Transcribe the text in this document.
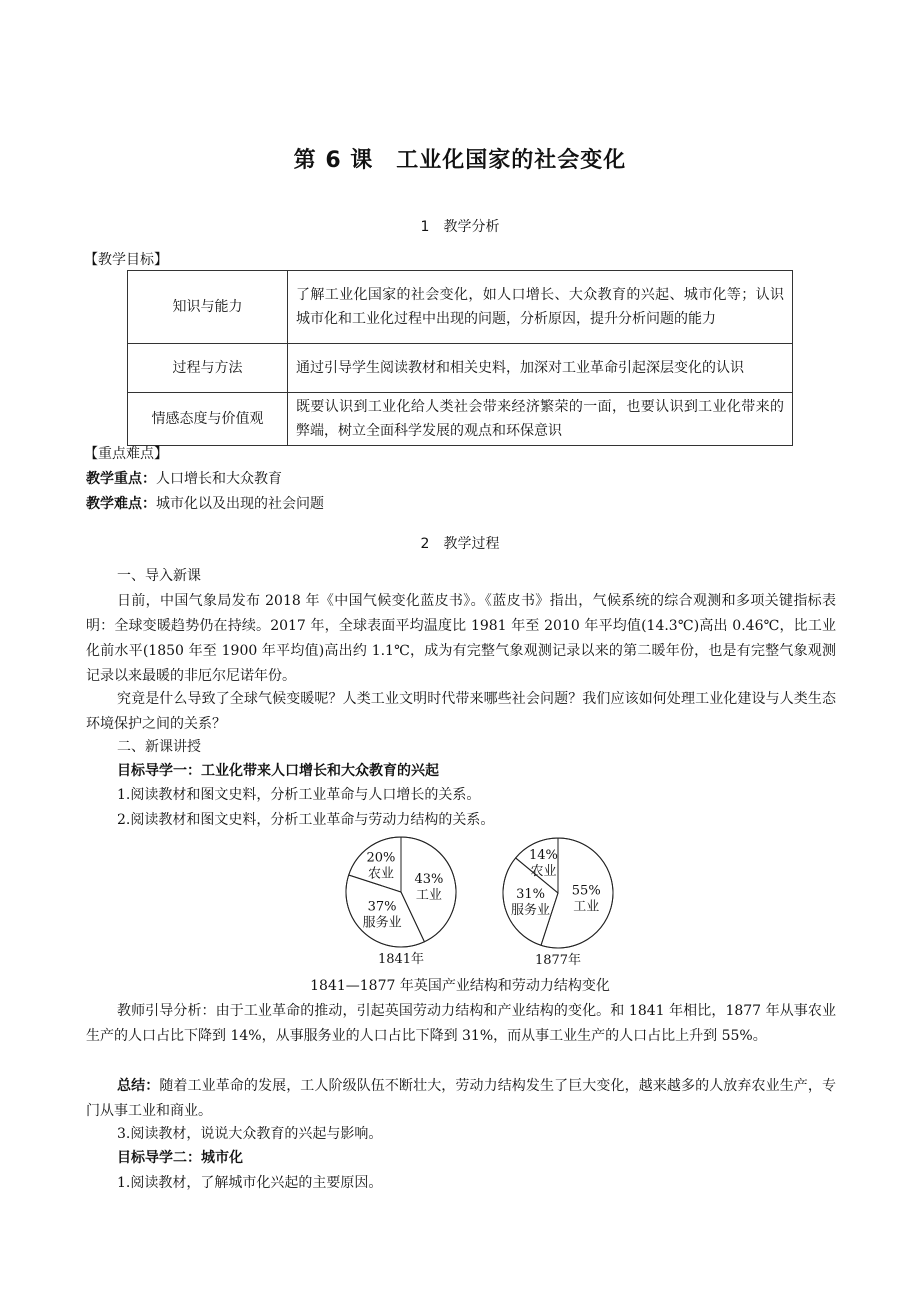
第 6 课　工业化国家的社会变化
1　教学分析
【教学目标】
知识与能力	了解工业化国家的社会变化，如人口增长、大众教育的兴起、城市化等；认识城市化和工业化过程中出现的问题，分析原因，提升分析问题的能力
过程与方法	通过引导学生阅读教材和相关史料，加深对工业革命引起深层变化的认识
情感态度与价值观	既要认识到工业化给人类社会带来经济繁荣的一面，也要认识到工业化带来的弊端，树立全面科学发展的观点和环保意识
【重点难点】
教学重点：人口增长和大众教育
教学难点：城市化以及出现的社会问题
2　教学过程
一、导入新课
日前，中国气象局发布 2018 年《中国气候变化蓝皮书》。《蓝皮书》指出，气候系统的综合观测和多项关键指标表明：全球变暖趋势仍在持续。2017 年，全球表面平均温度比 1981 年至 2010 年平均值(14.3℃)高出 0.46℃，比工业化前水平(1850 年至 1900 年平均值)高出约 1.1℃，成为有完整气象观测记录以来的第二暖年份，也是有完整气象观测记录以来最暖的非厄尔尼诺年份。
究竟是什么导致了全球气候变暖呢？人类工业文明时代带来哪些社会问题？我们应该如何处理工业化建设与人类生态环境保护之间的关系？
二、新课讲授
目标导学一：工业化带来人口增长和大众教育的兴起
1.阅读教材和图文史料，分析工业革命与人口增长的关系。
2.阅读教材和图文史料，分析工业革命与劳动力结构的关系。
43%
工业
37%
服务业
20%
农业
1841年
55%
工业
31%
服务业
14%
农业
1877年
1841—1877 年英国产业结构和劳动力结构变化
教师引导分析：由于工业革命的推动，引起英国劳动力结构和产业结构的变化。和 1841 年相比，1877 年从事农业生产的人口占比下降到 14%，从事服务业的人口占比下降到 31%，而从事工业生产的人口占比上升到 55%。
总结：随着工业革命的发展，工人阶级队伍不断壮大，劳动力结构发生了巨大变化，越来越多的人放弃农业生产，专门从事工业和商业。
3.阅读教材，说说大众教育的兴起与影响。
目标导学二：城市化
1.阅读教材，了解城市化兴起的主要原因。
